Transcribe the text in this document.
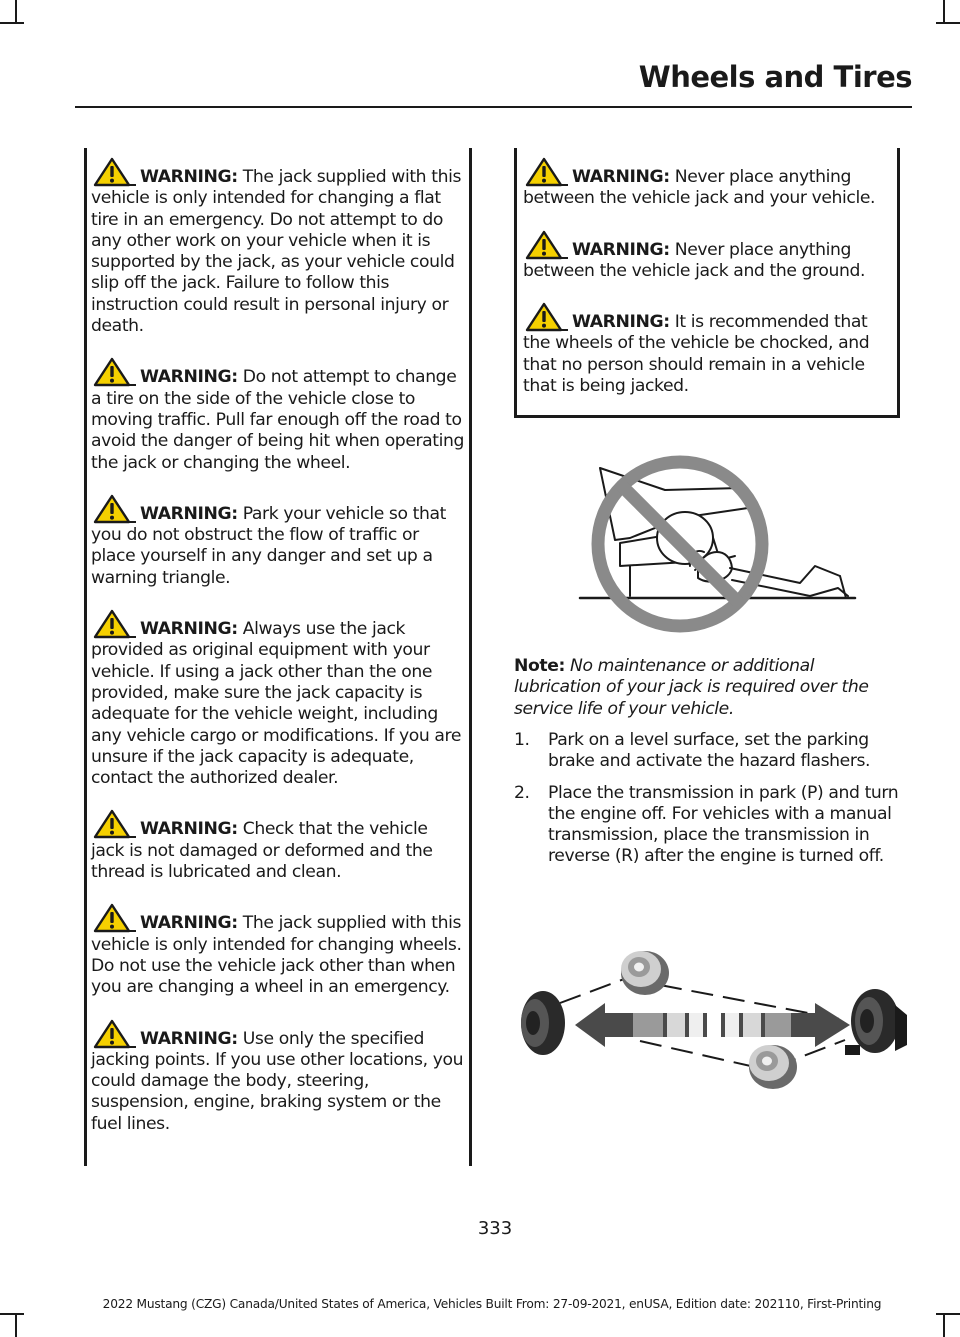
Wheels and Tires

WARNING: The jack supplied with this vehicle is only intended for changing a flat tire in an emergency. Do not attempt to do any other work on your vehicle when it is supported by the jack, as your vehicle could slip off the jack. Failure to follow this instruction could result in personal injury or death.

WARNING: Do not attempt to change a tire on the side of the vehicle close to moving traffic. Pull far enough off the road to avoid the danger of being hit when operating the jack or changing the wheel.

WARNING: Park your vehicle so that you do not obstruct the flow of traffic or place yourself in any danger and set up a warning triangle.

WARNING: Always use the jack provided as original equipment with your vehicle. If using a jack other than the one provided, make sure the jack capacity is adequate for the vehicle weight, including any vehicle cargo or modifications. If you are unsure if the jack capacity is adequate, contact the authorized dealer.

WARNING: Check that the vehicle jack is not damaged or deformed and the thread is lubricated and clean.

WARNING: The jack supplied with this vehicle is only intended for changing wheels. Do not use the vehicle jack other than when you are changing a wheel in an emergency.

WARNING: Use only the specified jacking points. If you use other locations, you could damage the body, steering, suspension, engine, braking system or the fuel lines.

WARNING: Never place anything between the vehicle jack and your vehicle.

WARNING: Never place anything between the vehicle jack and the ground.

WARNING: It is recommended that the wheels of the vehicle be chocked, and that no person should remain in a vehicle that is being jacked.

Note: No maintenance or additional lubrication of your jack is required over the service life of your vehicle.
1.	Park on a level surface, set the parking brake and activate the hazard flashers.
2.	Place the transmission in park (P) and turn the engine off. For vehicles with a manual transmission, place the transmission in reverse (R) after the engine is turned off.
333
2022 Mustang (CZG) Canada/United States of America, Vehicles Built From: 27-09-2021, enUSA, Edition date: 202110, First-Printing
